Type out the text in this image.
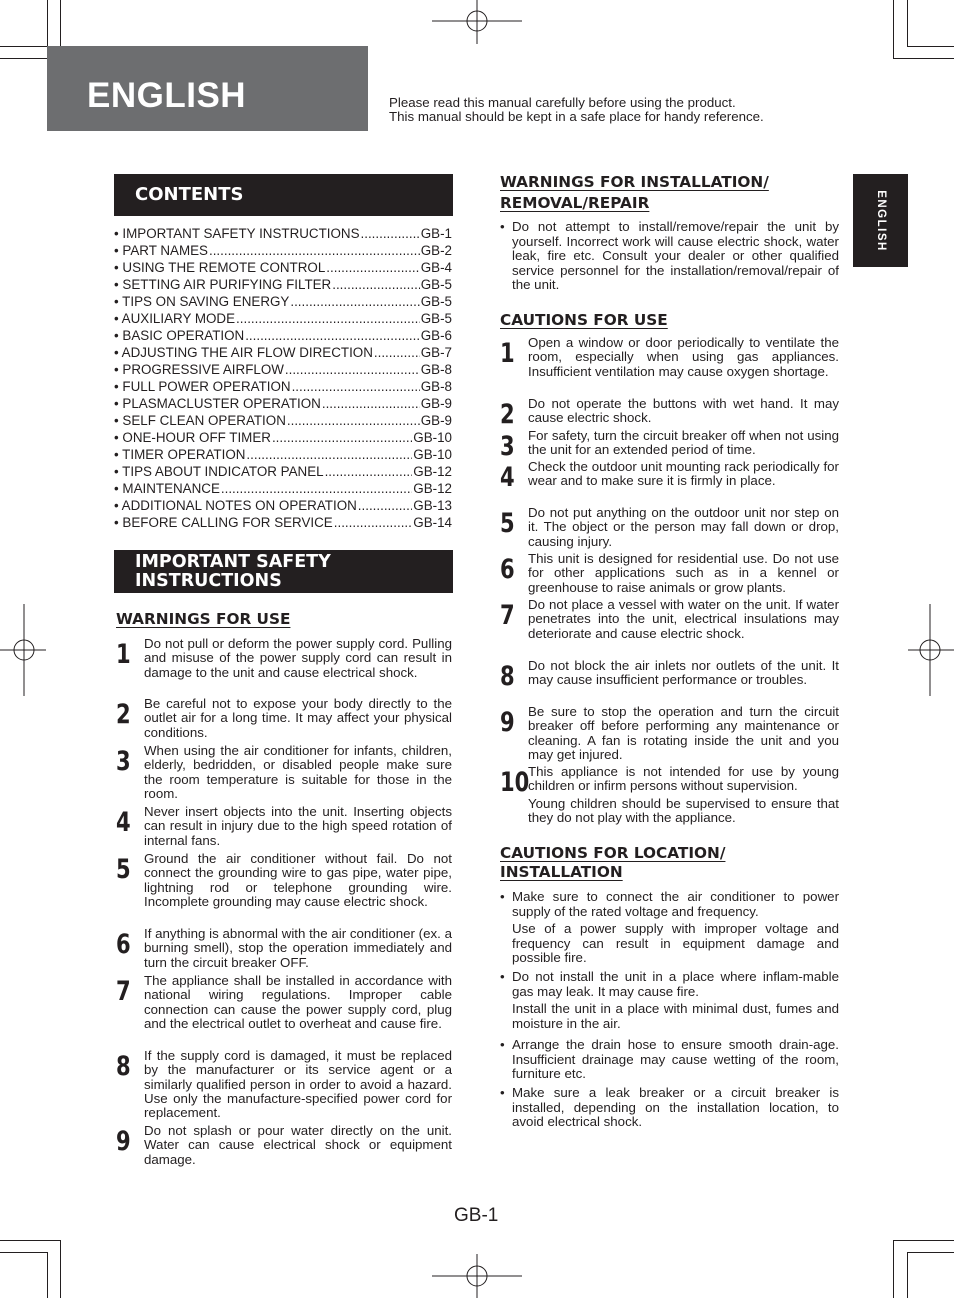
ENGLISH	Please read this manual carefully before using the product.
This manual should be kept in a safe place for handy reference.
ENGLISH
CONTENTS
• IMPORTANT SAFETY INSTRUCTIONS .....	GB-1
• PART NAMES .....	GB-2
• USING THE REMOTE CONTROL .....	GB-4
• SETTING AIR PURIFYING FILTER .....	GB-5
• TIPS ON SAVING ENERGY .....	GB-5
• AUXILIARY MODE .....	GB-5
• BASIC OPERATION .....	GB-6
• ADJUSTING THE AIR FLOW DIRECTION .....	GB-7
• PROGRESSIVE AIRFLOW .....	GB-8
• FULL POWER OPERATION .....	GB-8
• PLASMACLUSTER OPERATION .....	GB-9
• SELF CLEAN OPERATION .....	GB-9
• ONE-HOUR OFF TIMER .....	GB-10
• TIMER OPERATION .....	GB-10
• TIPS ABOUT INDICATOR PANEL .....	GB-12
• MAINTENANCE .....	GB-12
• ADDITIONAL NOTES ON OPERATION .....	GB-13
• BEFORE CALLING FOR SERVICE .....	GB-14
IMPORTANT SAFETY
INSTRUCTIONS
WARNINGS FOR USE
1 Do not pull or deform the power supply cord. Pulling and misuse of the power supply cord can result in damage to the unit and cause electrical shock.
2 Be careful not to expose your body directly to the outlet air for a long time. It may affect your physical conditions.
3 When using the air conditioner for infants, children, elderly, bedridden, or disabled people make sure the room temperature is suitable for those in the room.
4 Never insert objects into the unit. Inserting objects can result in injury due to the high speed rotation of internal fans.
5 Ground the air conditioner without fail. Do not connect the grounding wire to gas pipe, water pipe, lightning rod or telephone grounding wire. Incomplete grounding may cause electric shock.
6 If anything is abnormal with the air conditioner (ex. a burning smell), stop the operation immediately and turn the circuit breaker OFF.
7 The appliance shall be installed in accordance with national wiring regulations. Improper cable connection can cause the power supply cord, plug and the electrical outlet to overheat and cause fire.
8 If the supply cord is damaged, it must be replaced by the manufacturer or its service agent or a similarly qualified person in order to avoid a hazard. Use only the manufacture-specified power cord for replacement.
9 Do not splash or pour water directly on the unit. Water can cause electrical shock or equipment damage.
WARNINGS FOR INSTALLATION/
REMOVAL/REPAIR
• Do not attempt to install/remove/repair the unit by yourself. Incorrect work will cause electric shock, water leak, fire etc. Consult your dealer or other qualified service personnel for the installation/removal/repair of the unit.
CAUTIONS FOR USE
1 Open a window or door periodically to ventilate the room, especially when using gas appliances. Insufficient ventilation may cause oxygen shortage.
2 Do not operate the buttons with wet hand. It may cause electric shock.
3 For safety, turn the circuit breaker off when not using the unit for an extended period of time.
4 Check the outdoor unit mounting rack periodically for wear and to make sure it is firmly in place.
5 Do not put anything on the outdoor unit nor step on it. The object or the person may fall down or drop, causing injury.
6 This unit is designed for residential use. Do not use for other applications such as in a kennel or greenhouse to raise animals or grow plants.
7 Do not place a vessel with water on the unit. If water penetrates into the unit, electrical insulations may deteriorate and cause electric shock.
8 Do not block the air inlets nor outlets of the unit. It may cause insufficient performance or troubles.
9 Be sure to stop the operation and turn the circuit breaker off before performing any maintenance or cleaning. A fan is rotating inside the unit and you may get injured.
10
This appliance is not intended for use by young children or infirm persons without supervision.
Young children should be supervised to ensure that they do not play with the appliance.
CAUTIONS FOR LOCATION/
INSTALLATION
• Make sure to connect the air conditioner to power supply of the rated voltage and frequency.
Use of a power supply with improper voltage and frequency can result in equipment damage and possible fire.
• Do not install the unit in a place where inflam-mable gas may leak. It may cause fire.
Install the unit in a place with minimal dust, fumes and moisture in the air.
• Arrange the drain hose to ensure smooth drain-age. Insufficient drainage may cause wetting of the room, furniture etc.
• Make sure a leak breaker or a circuit breaker is installed, depending on the installation location, to avoid electrical shock.
GB-1
